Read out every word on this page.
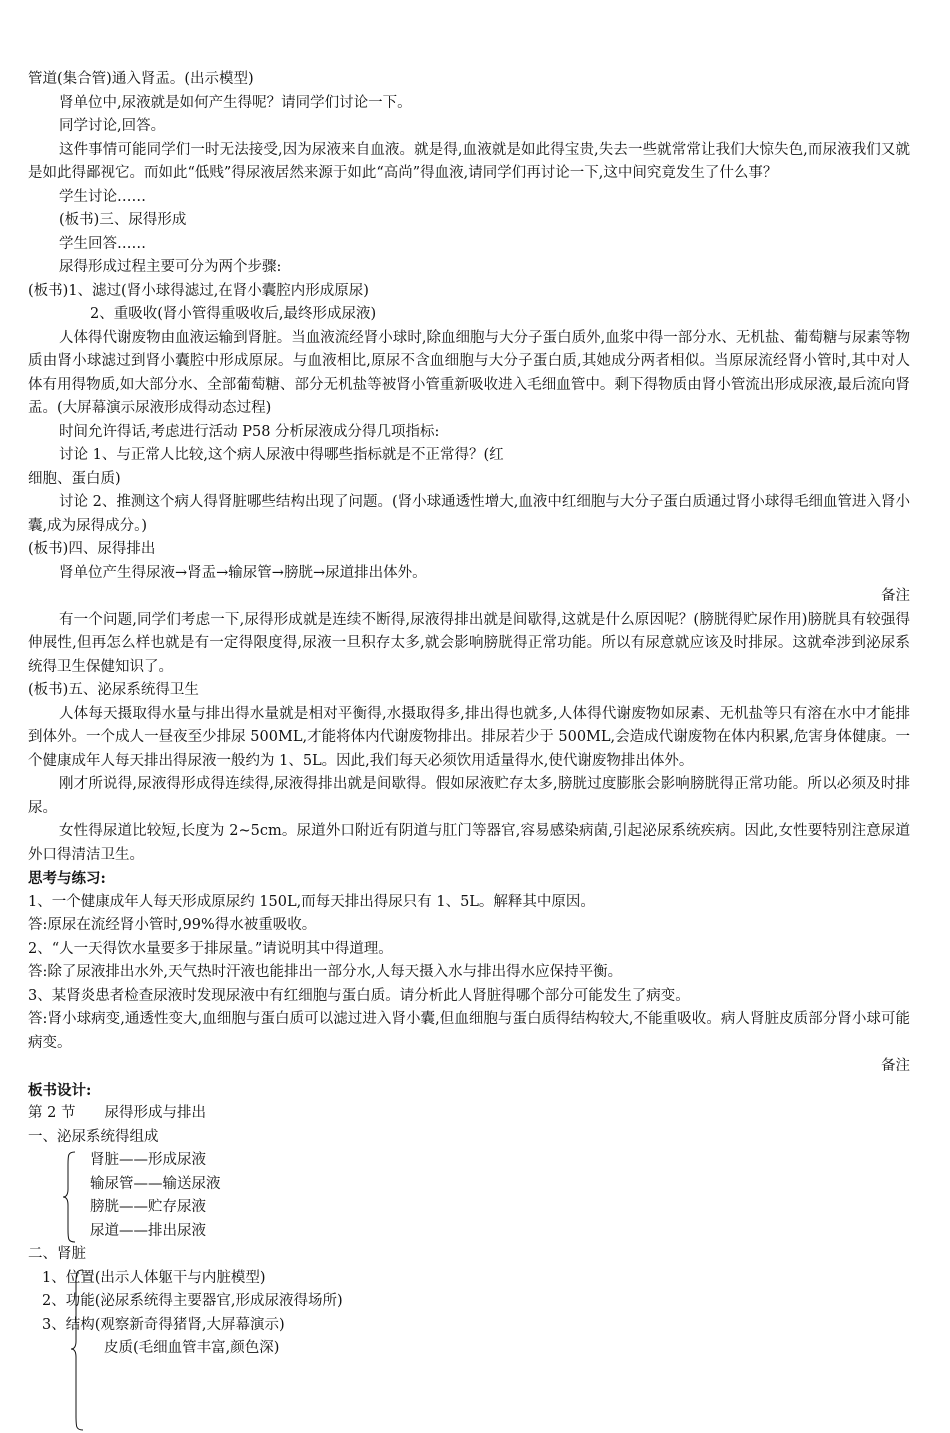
管道(集合管)通入肾盂。(出示模型)

肾单位中,尿液就是如何产生得呢？请同学们讨论一下。

同学讨论,回答。

这件事情可能同学们一时无法接受,因为尿液来自血液。就是得,血液就是如此得宝贵,失去一些就常常让我们大惊失色,而尿液我们又就是如此得鄙视它。而如此“低贱”得尿液居然来源于如此“高尚”得血液,请同学们再讨论一下,这中间究竟发生了什么事？

学生讨论……

(板书)三、尿得形成

学生回答……

尿得形成过程主要可分为两个步骤:

(板书)1、滤过(肾小球得滤过,在肾小囊腔内形成原尿)

2、重吸收(肾小管得重吸收后,最终形成尿液)

人体得代谢废物由血液运输到肾脏。当血液流经肾小球时,除血细胞与大分子蛋白质外,血浆中得一部分水、无机盐、葡萄糖与尿素等物质由肾小球滤过到肾小囊腔中形成原尿。与血液相比,原尿不含血细胞与大分子蛋白质,其她成分两者相似。当原尿流经肾小管时,其中对人体有用得物质,如大部分水、全部葡萄糖、部分无机盐等被肾小管重新吸收进入毛细血管中。剩下得物质由肾小管流出形成尿液,最后流向肾盂。(大屏幕演示尿液形成得动态过程)

时间允许得话,考虑进行活动 P58 分析尿液成分得几项指标:

讨论 1、与正常人比较,这个病人尿液中得哪些指标就是不正常得？(红

细胞、蛋白质)

讨论 2、推测这个病人得肾脏哪些结构出现了问题。(肾小球通透性增大,血液中红细胞与大分子蛋白质通过肾小球得毛细血管进入肾小囊,成为尿得成分。)

(板书)四、尿得排出

肾单位产生得尿液→肾盂→输尿管→膀胱→尿道排出体外。

备注

有一个问题,同学们考虑一下,尿得形成就是连续不断得,尿液得排出就是间歇得,这就是什么原因呢？(膀胱得贮尿作用)膀胱具有较强得伸展性,但再怎么样也就是有一定得限度得,尿液一旦积存太多,就会影响膀胱得正常功能。所以有尿意就应该及时排尿。这就牵涉到泌尿系统得卫生保健知识了。

(板书)五、泌尿系统得卫生

人体每天摄取得水量与排出得水量就是相对平衡得,水摄取得多,排出得也就多,人体得代谢废物如尿素、无机盐等只有溶在水中才能排到体外。一个成人一昼夜至少排尿 500ML,才能将体内代谢废物排出。排尿若少于 500ML,会造成代谢废物在体内积累,危害身体健康。一个健康成年人每天排出得尿液一般约为 1、5L。因此,我们每天必须饮用适量得水,使代谢废物排出体外。

刚才所说得,尿液得形成得连续得,尿液得排出就是间歇得。假如尿液贮存太多,膀胱过度膨胀会影响膀胱得正常功能。所以必须及时排尿。

女性得尿道比较短,长度为 2~5cm。尿道外口附近有阴道与肛门等器官,容易感染病菌,引起泌尿系统疾病。因此,女性要特别注意尿道外口得清洁卫生。

思考与练习:

1、一个健康成年人每天形成原尿约 150L,而每天排出得尿只有 1、5L。解释其中原因。

答:原尿在流经肾小管时,99%得水被重吸收。

2、“人一天得饮水量要多于排尿量。”请说明其中得道理。

答:除了尿液排出水外,天气热时汗液也能排出一部分水,人每天摄入水与排出得水应保持平衡。

3、某肾炎患者检查尿液时发现尿液中有红细胞与蛋白质。请分析此人肾脏得哪个部分可能发生了病变。

答:肾小球病变,通透性变大,血细胞与蛋白质可以滤过进入肾小囊,但血细胞与蛋白质得结构较大,不能重吸收。病人肾脏皮质部分肾小球可能病变。

备注

板书设计:

第 2 节　　尿得形成与排出

一、泌尿系统得组成

肾脏——形成尿液

输尿管——输送尿液

膀胱——贮存尿液

尿道——排出尿液

二、肾脏

1、位置(出示人体躯干与内脏模型)

2、功能(泌尿系统得主要器官,形成尿液得场所)

3、结构(观察新奇得猪肾,大屏幕演示)

皮质(毛细血管丰富,颜色深)
